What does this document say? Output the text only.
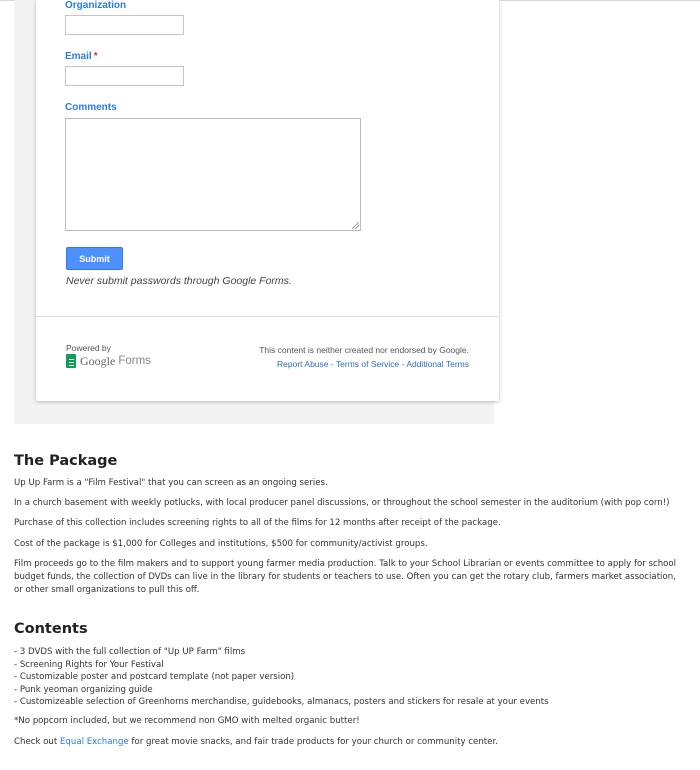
Organization
Email *
Comments
Submit
Never submit passwords through Google Forms.
Powered by
Google Forms
This content is neither created nor endorsed by Google.
Report Abuse - Terms of Service - Additional Terms
The Package
Up Up Farm is a "Film Festival" that you can screen as an ongoing series.
In a church basement with weekly potlucks, with local producer panel discussions, or throughout the school semester in the auditorium (with pop corn!)
Purchase of this collection includes screening rights to all of the films for 12 months after receipt of the package.
Cost of the package is $1,000 for Colleges and institutions, $500 for community/activist groups.
Film proceeds go to the film makers and to support young farmer media production. Talk to your School Librarian or events committee to apply for school budget funds, the collection of DVDs can live in the library for students or teachers to use. Often you can get the rotary club, farmers market association, or other small organizations to pull this off.
Contents
- 3 DVDS with the full collection of "Up UP Farm" films
- Screening Rights for Your Festival
- Customizable poster and postcard template (not paper version)
- Punk yeoman organizing guide
- Customizeable selection of Greenhorns merchandise, guidebooks, almanacs, posters and stickers for resale at your events
*No popcorn included, but we recommend non GMO with melted organic butter!
Check out Equal Exchange for great movie snacks, and fair trade products for your church or community center.
